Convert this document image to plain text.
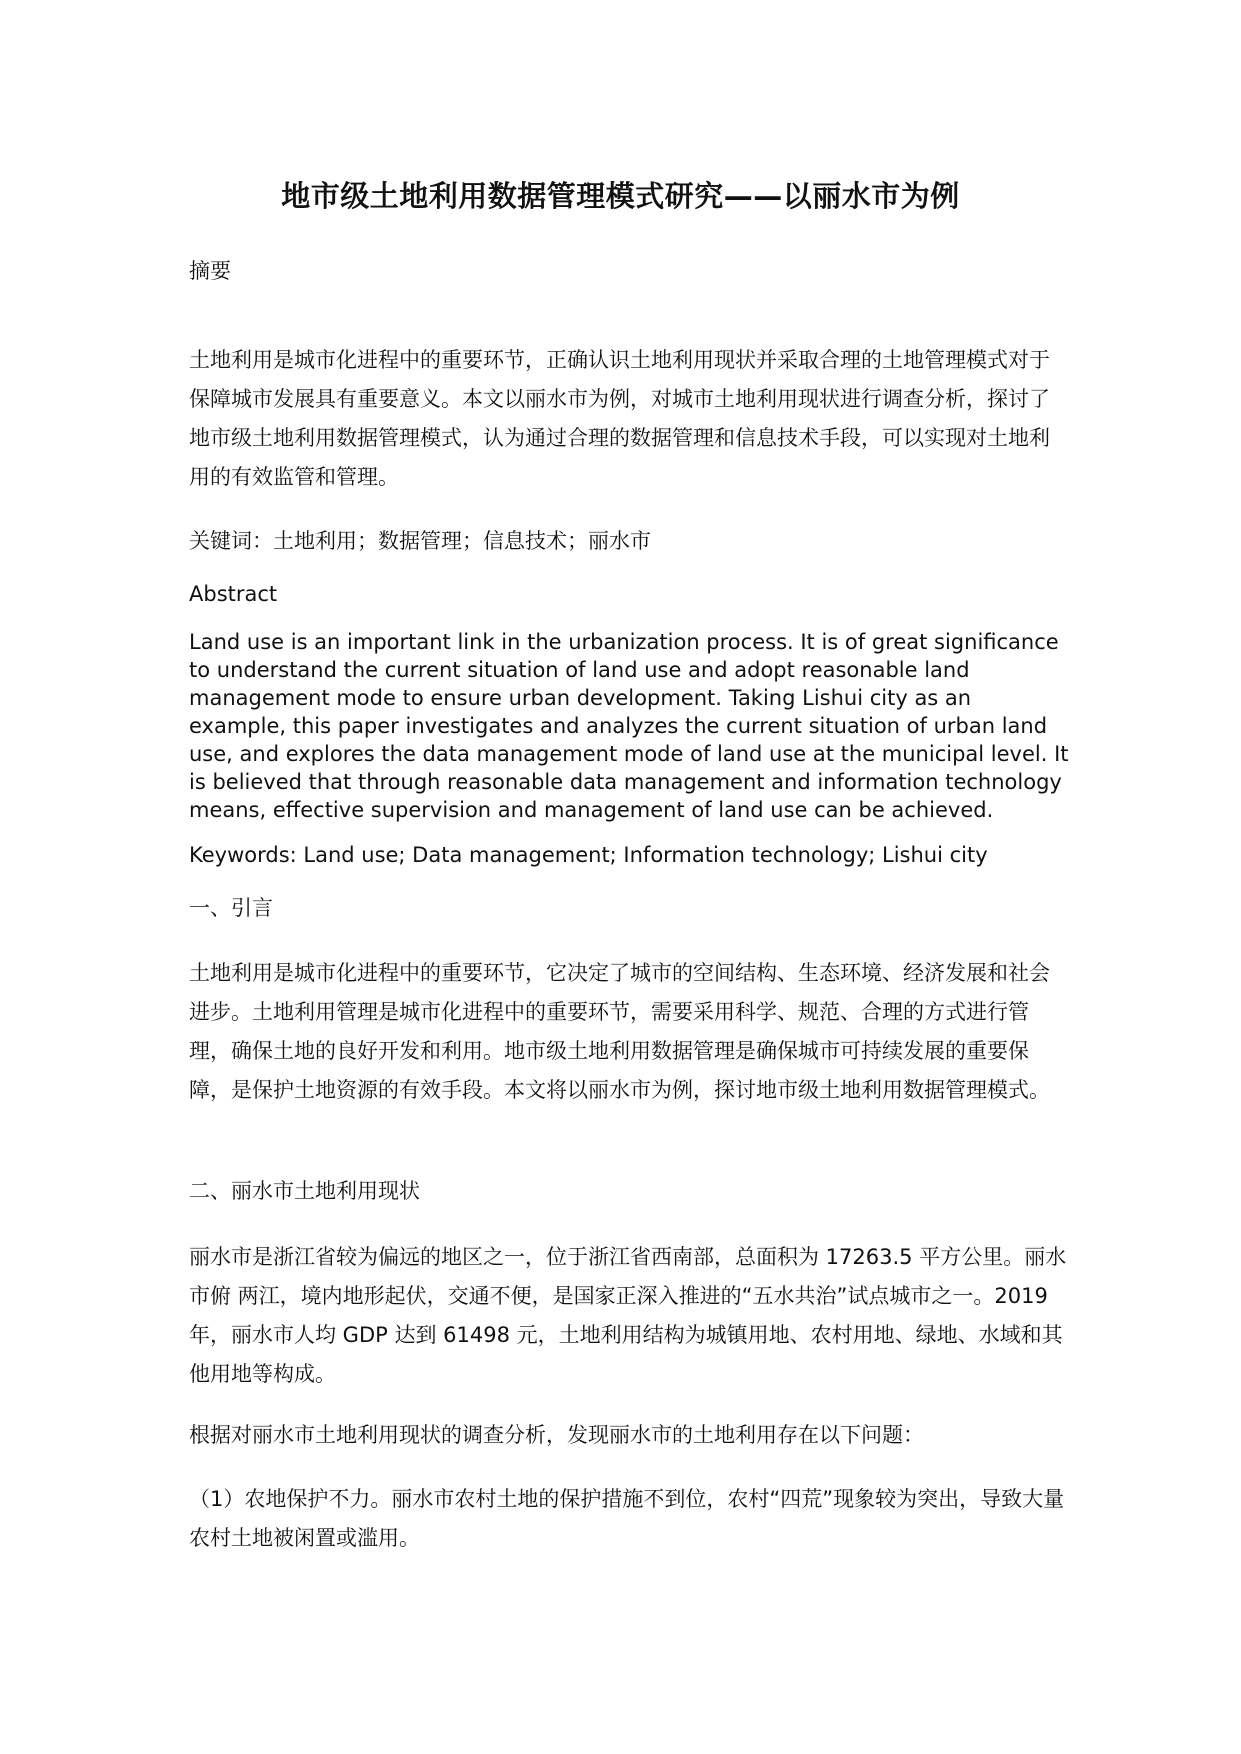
地市级土地利用数据管理模式研究——以丽水市为例

摘要

土地利用是城市化进程中的重要环节，正确认识土地利用现状并采取合理的土地管理模式对于保障城市发展具有重要意义。本文以丽水市为例，对城市土地利用现状进行调查分析，探讨了地市级土地利用数据管理模式，认为通过合理的数据管理和信息技术手段，可以实现对土地利用的有效监管和管理。

关键词：土地利用；数据管理；信息技术；丽水市

Abstract

Land use is an important link in the urbanization process. It is of great significance to understand the current situation of land use and adopt reasonable land management mode to ensure urban development. Taking Lishui city as an example, this paper investigates and analyzes the current situation of urban land use, and explores the data management mode of land use at the municipal level. It is believed that through reasonable data management and information technology means, effective supervision and management of land use can be achieved.

Keywords: Land use; Data management; Information technology; Lishui city

一、引言

土地利用是城市化进程中的重要环节，它决定了城市的空间结构、生态环境、经济发展和社会进步。土地利用管理是城市化进程中的重要环节，需要采用科学、规范、合理的方式进行管理，确保土地的良好开发和利用。地市级土地利用数据管理是确保城市可持续发展的重要保障，是保护土地资源的有效手段。本文将以丽水市为例，探讨地市级土地利用数据管理模式。

二、丽水市土地利用现状

丽水市是浙江省较为偏远的地区之一，位于浙江省西南部，总面积为 17263.5 平方公里。丽水市俯 两江，境内地形起伏，交通不便，是国家正深入推进的“五水共治”试点城市之一。2019 年，丽水市人均 GDP 达到 61498 元，土地利用结构为城镇用地、农村用地、绿地、水域和其他用地等构成。

根据对丽水市土地利用现状的调查分析，发现丽水市的土地利用存在以下问题：

（1）农地保护不力。丽水市农村土地的保护措施不到位，农村“四荒”现象较为突出，导致大量农村土地被闲置或滥用。
